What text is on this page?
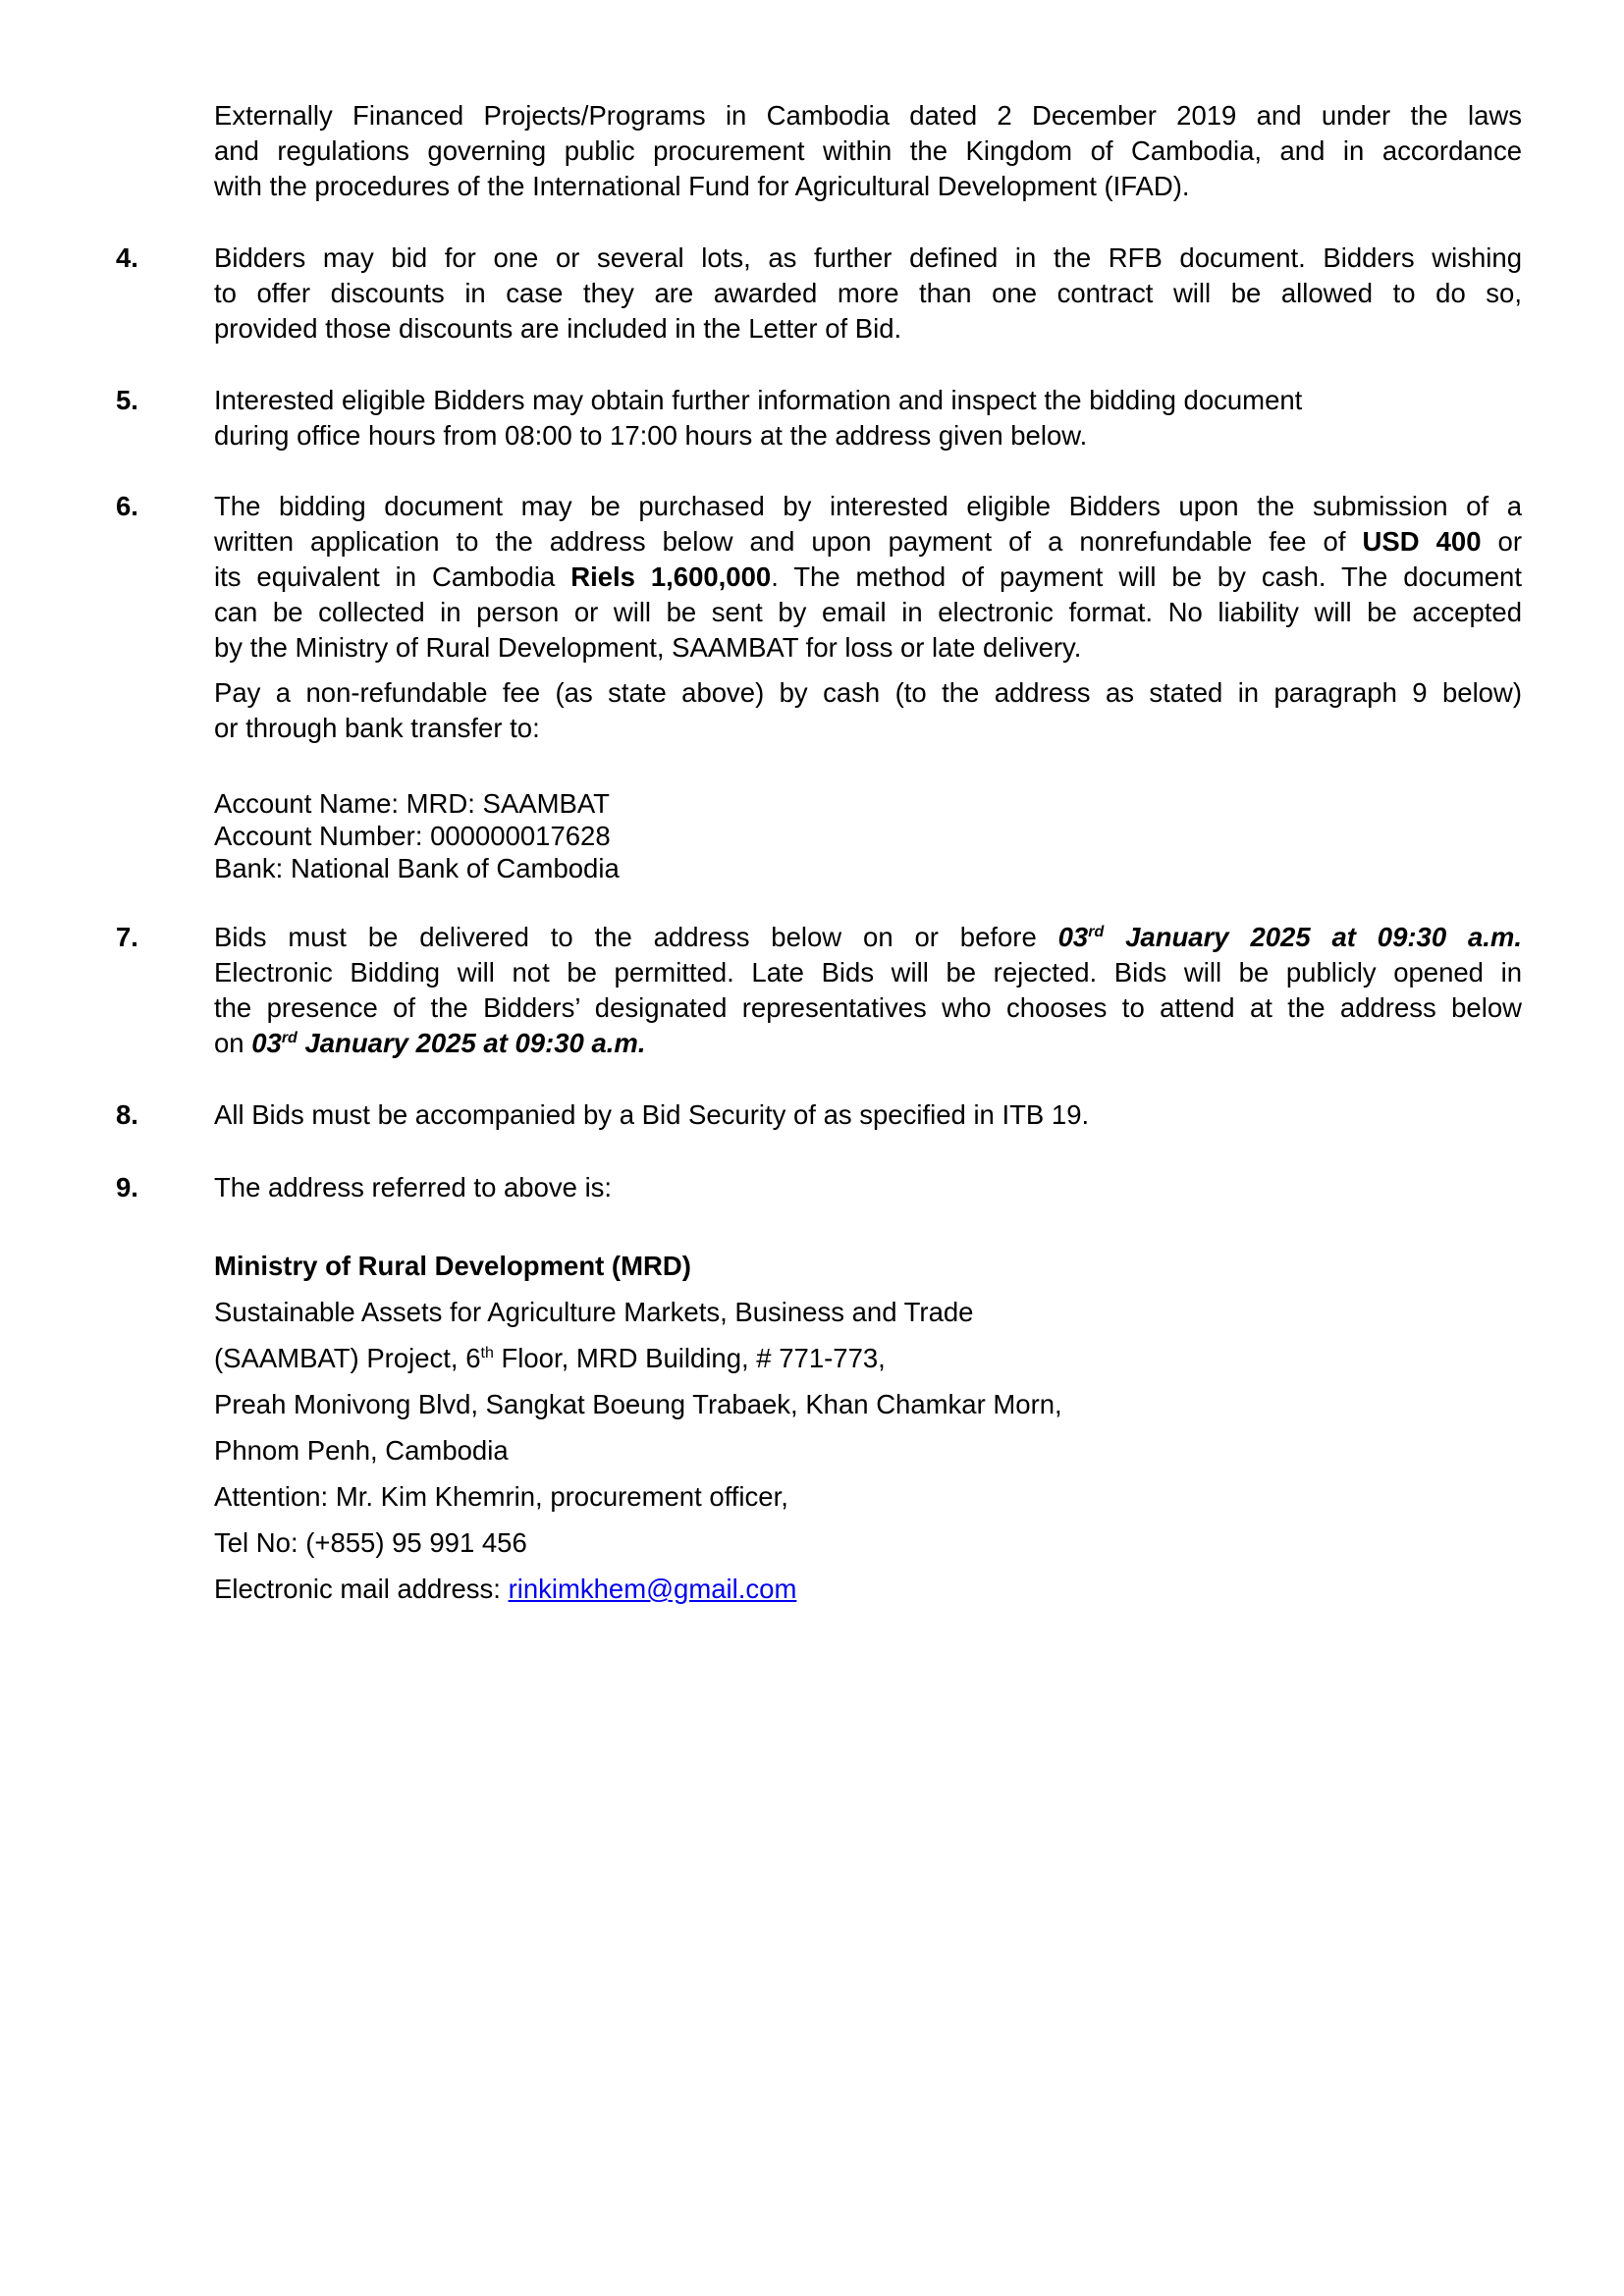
Externally Financed Projects/Programs in Cambodia dated 2 December 2019 and under the laws
and regulations governing public procurement within the Kingdom of Cambodia, and in accordance
with the procedures of the International Fund for Agricultural Development (IFAD).
4.	Bidders may bid for one or several lots, as further defined in the RFB document. Bidders wishing
to offer discounts in case they are awarded more than one contract will be allowed to do so,
provided those discounts are included in the Letter of Bid.
5.	Interested eligible Bidders may obtain further information and inspect the bidding document
during office hours from 08:00 to 17:00 hours at the address given below.
6.	The bidding document may be purchased by interested eligible Bidders upon the submission of a
written application to the address below and upon payment of a nonrefundable fee of USD 400 or
its equivalent in Cambodia Riels 1,600,000. The method of payment will be by cash. The document
can be collected in person or will be sent by email in electronic format. No liability will be accepted
by the Ministry of Rural Development, SAAMBAT for loss or late delivery.
Pay a non-refundable fee (as state above) by cash (to the address as stated in paragraph 9 below)
or through bank transfer to:
Account Name: MRD: SAAMBAT
Account Number: 000000017628
Bank: National Bank of Cambodia
7.	Bids must be delivered to the address below on or before 03rd January 2025 at 09:30 a.m.
Electronic Bidding will not be permitted. Late Bids will be rejected. Bids will be publicly opened in
the presence of the Bidders’ designated representatives who chooses to attend at the address below
on 03rd January 2025 at 09:30 a.m.
8.	All Bids must be accompanied by a Bid Security of as specified in ITB 19.
9.	The address referred to above is:
Ministry of Rural Development (MRD)
Sustainable Assets for Agriculture Markets, Business and Trade
(SAAMBAT) Project, 6th Floor, MRD Building, # 771-773,
Preah Monivong Blvd, Sangkat Boeung Trabaek, Khan Chamkar Morn,
Phnom Penh, Cambodia
Attention: Mr. Kim Khemrin, procurement officer,
Tel No: (+855) 95 991 456
Electronic mail address: rinkimkhem@gmail.com
